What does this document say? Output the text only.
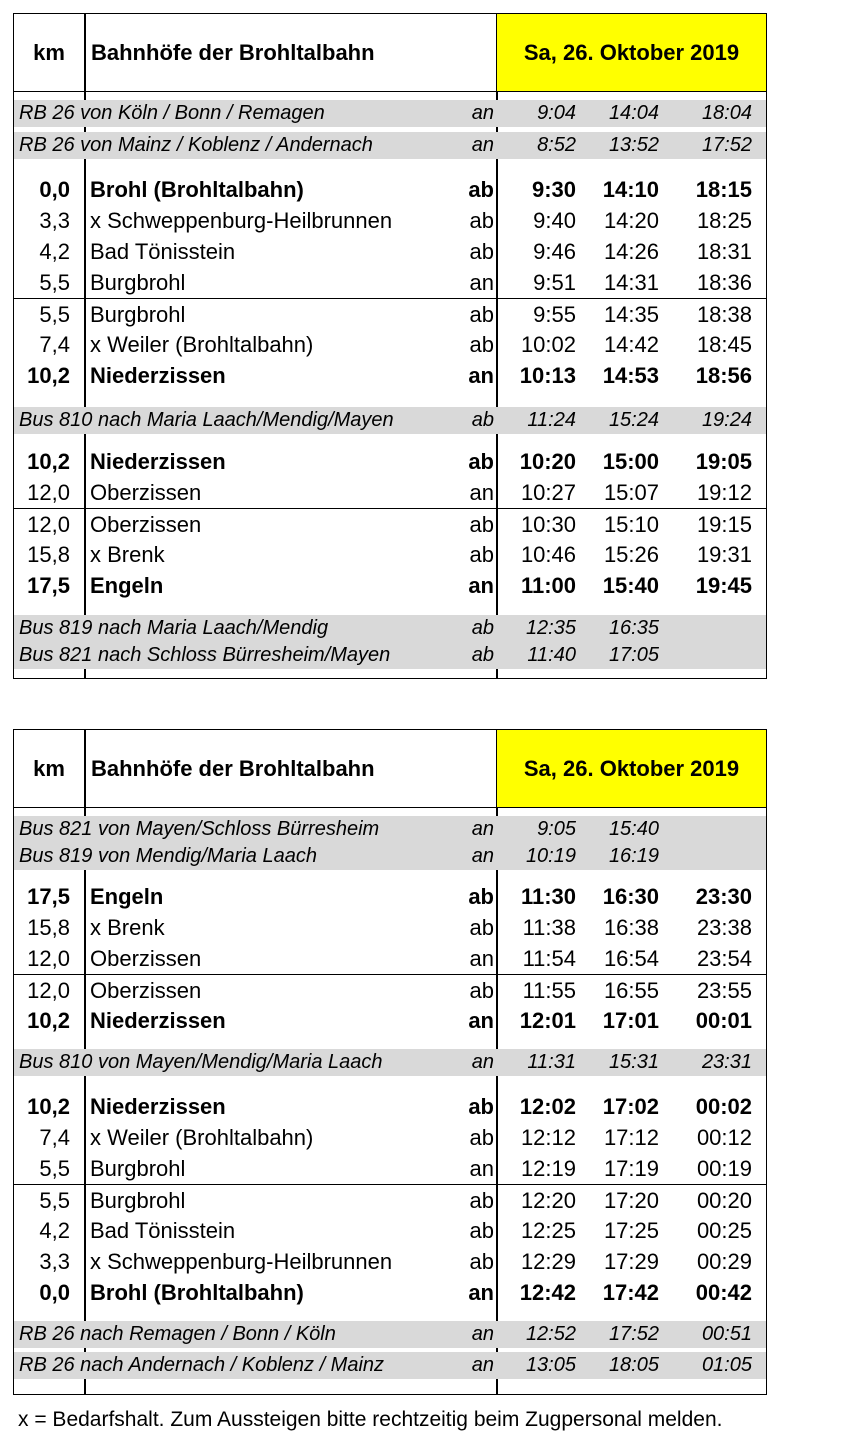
km	Bahnhöfe der Brohltalbahn	Sa, 26. Oktober 2019
RB 26 von Köln / Bonn / Remagen	an	9:04	14:04	18:04
RB 26 von Mainz / Koblenz / Andernach	an	8:52	13:52	17:52
0,0 Brohl (Brohltalbahn)	ab	9:30	14:10	18:15
3,3 x Schweppenburg-Heilbrunnen	ab	9:40	14:20	18:25
4,2 Bad Tönisstein	ab	9:46	14:26	18:31
5,5 Burgbrohl	an	9:51	14:31	18:36
5,5 Burgbrohl	ab	9:55	14:35	18:38
7,4 x Weiler (Brohltalbahn)	ab	10:02	14:42	18:45
10,2 Niederzissen	an 10:13	14:53	18:56
Bus 810 nach Maria Laach/Mendig/Mayen	ab	11:24	15:24	19:24
10,2 Niederzissen	ab 10:20	15:00	19:05
12,0 Oberzissen	an	10:27	15:07	19:12
12,0 Oberzissen	ab	10:30	15:10	19:15
15,8 x Brenk	ab	10:46	15:26	19:31
17,5 Engeln	an	11:00	15:40	19:45
Bus 819 nach Maria Laach/Mendig	ab	12:35	16:35
Bus 821 nach Schloss Bürresheim/Mayen	ab	11:40	17:05
km	Bahnhöfe der Brohltalbahn	Sa, 26. Oktober 2019
Bus 821 von Mayen/Schloss Bürresheim	an	9:05	15:40
Bus 819 von Mendig/Maria Laach	an	10:19	16:19
17,5 Engeln	ab	11:30	16:30	23:30
15,8 x Brenk	ab	11:38	16:38	23:38
12,0 Oberzissen	an	11:54	16:54	23:54
12,0 Oberzissen	ab	11:55	16:55	23:55
10,2 Niederzissen	an 12:01	17:01	00:01
Bus 810 von Mayen/Mendig/Maria Laach	an	11:31	15:31	23:31
10,2 Niederzissen	ab 12:02	17:02	00:02
7,4 x Weiler (Brohltalbahn)	ab	12:12	17:12	00:12
5,5 Burgbrohl	an	12:19	17:19	00:19
5,5 Burgbrohl	ab	12:20	17:20	00:20
4,2 Bad Tönisstein	ab	12:25	17:25	00:25
3,3 x Schweppenburg-Heilbrunnen	ab	12:29	17:29	00:29
0,0 Brohl (Brohltalbahn)	an 12:42	17:42	00:42
RB 26 nach Remagen / Bonn / Köln	an	12:52	17:52	00:51
RB 26 nach Andernach / Koblenz / Mainz	an	13:05	18:05	01:05
x = Bedarfshalt. Zum Aussteigen bitte rechtzeitig beim Zugpersonal melden.
